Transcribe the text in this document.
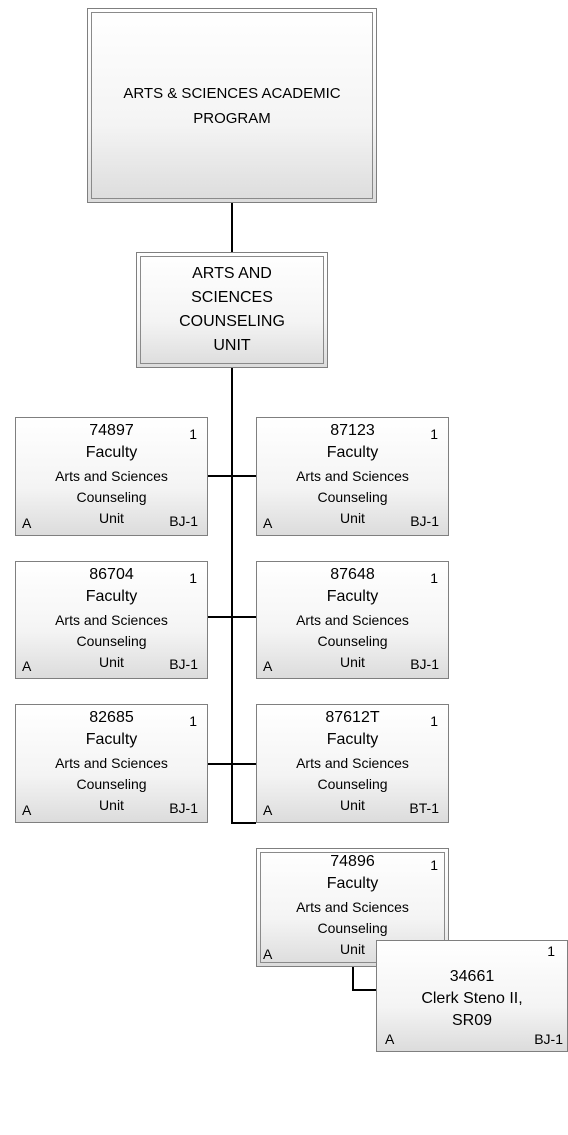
ARTS & SCIENCES ACADEMIC
PROGRAM
ARTS AND
SCIENCES
COUNSELING
UNIT
74897	1
Faculty
Arts and Sciences
Counseling
Unit
A	BJ-1
87123	1
Faculty
Arts and Sciences
Counseling
Unit
A	BJ-1
86704	1
Faculty
Arts and Sciences
Counseling
Unit
A	BJ-1
87648	1
Faculty
Arts and Sciences
Counseling
Unit
A	BJ-1
82685	1
Faculty
Arts and Sciences
Counseling
Unit
A	BJ-1
87612T	1
Faculty
Arts and Sciences
Counseling
Unit
A	BT-1
74896	1
Faculty
Arts and Sciences
Counseling
Unit
A	1
34661
Clerk Steno II,
SR09
A	BJ-1
